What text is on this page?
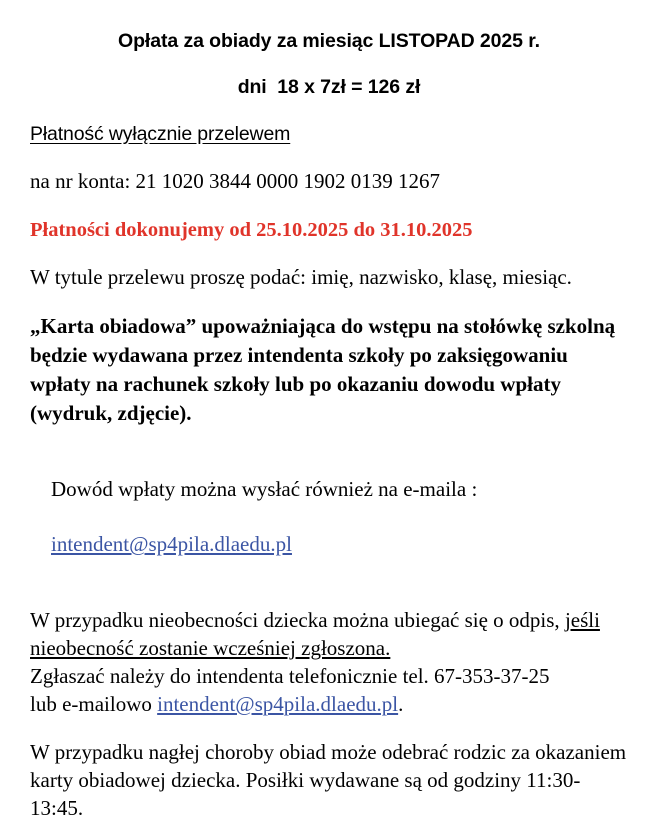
Opłata za obiady za miesiąc LISTOPAD 2025 r.
dni  18 x 7zł = 126 zł

Płatność wyłącznie przelewem

na nr konta: 21 1020 3844 0000 1902 0139 1267

Płatności dokonujemy od 25.10.2025 do 31.10.2025

W tytule przelewu proszę podać: imię, nazwisko, klasę, miesiąc.

„Karta obiadowa” upoważniająca do wstępu na stołówkę szkolną będzie wydawana przez intendenta szkoły po zaksięgowaniu wpłaty na rachunek szkoły lub po okazaniu dowodu wpłaty (wydruk, zdjęcie).

Dowód wpłaty można wysłać również na e-maila :

intendent@sp4pila.dlaedu.pl

W przypadku nieobecności dziecka można ubiegać się o odpis, jeśli nieobecność zostanie wcześniej zgłoszona.
Zgłaszać należy do intendenta telefonicznie tel. 67-353-37-25
lub e-mailowo intendent@sp4pila.dlaedu.pl.

W przypadku nagłej choroby obiad może odebrać rodzic za okazaniem karty obiadowej dziecka. Posiłki wydawane są od godziny 11:30-13:45.
